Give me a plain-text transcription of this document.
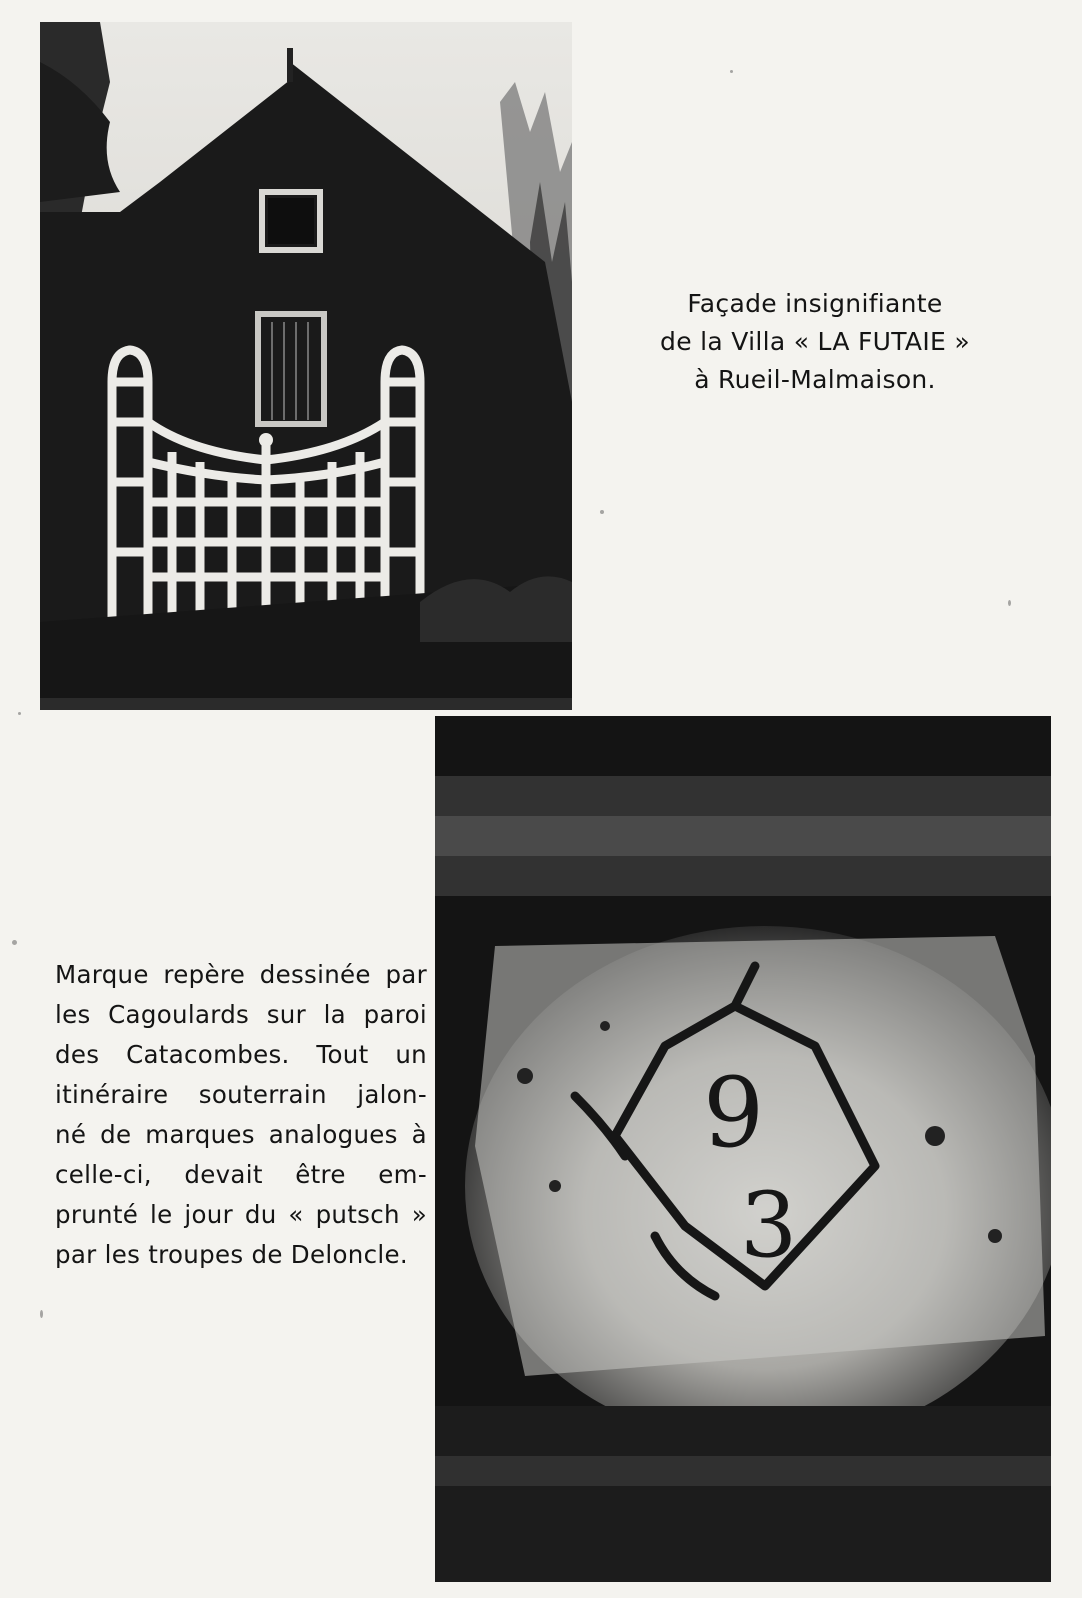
Façade insignifiante
de la Villa « LA FUTAIE »
à Rueil-Malmaison.
9
3
Marque repère dessinée par
les Cagoulards sur la paroi
des Catacombes. Tout un
itinéraire souterrain jalon-
né de marques analogues à
celle-ci, devait être em-
prunté le jour du « putsch »
par les troupes de Deloncle.
